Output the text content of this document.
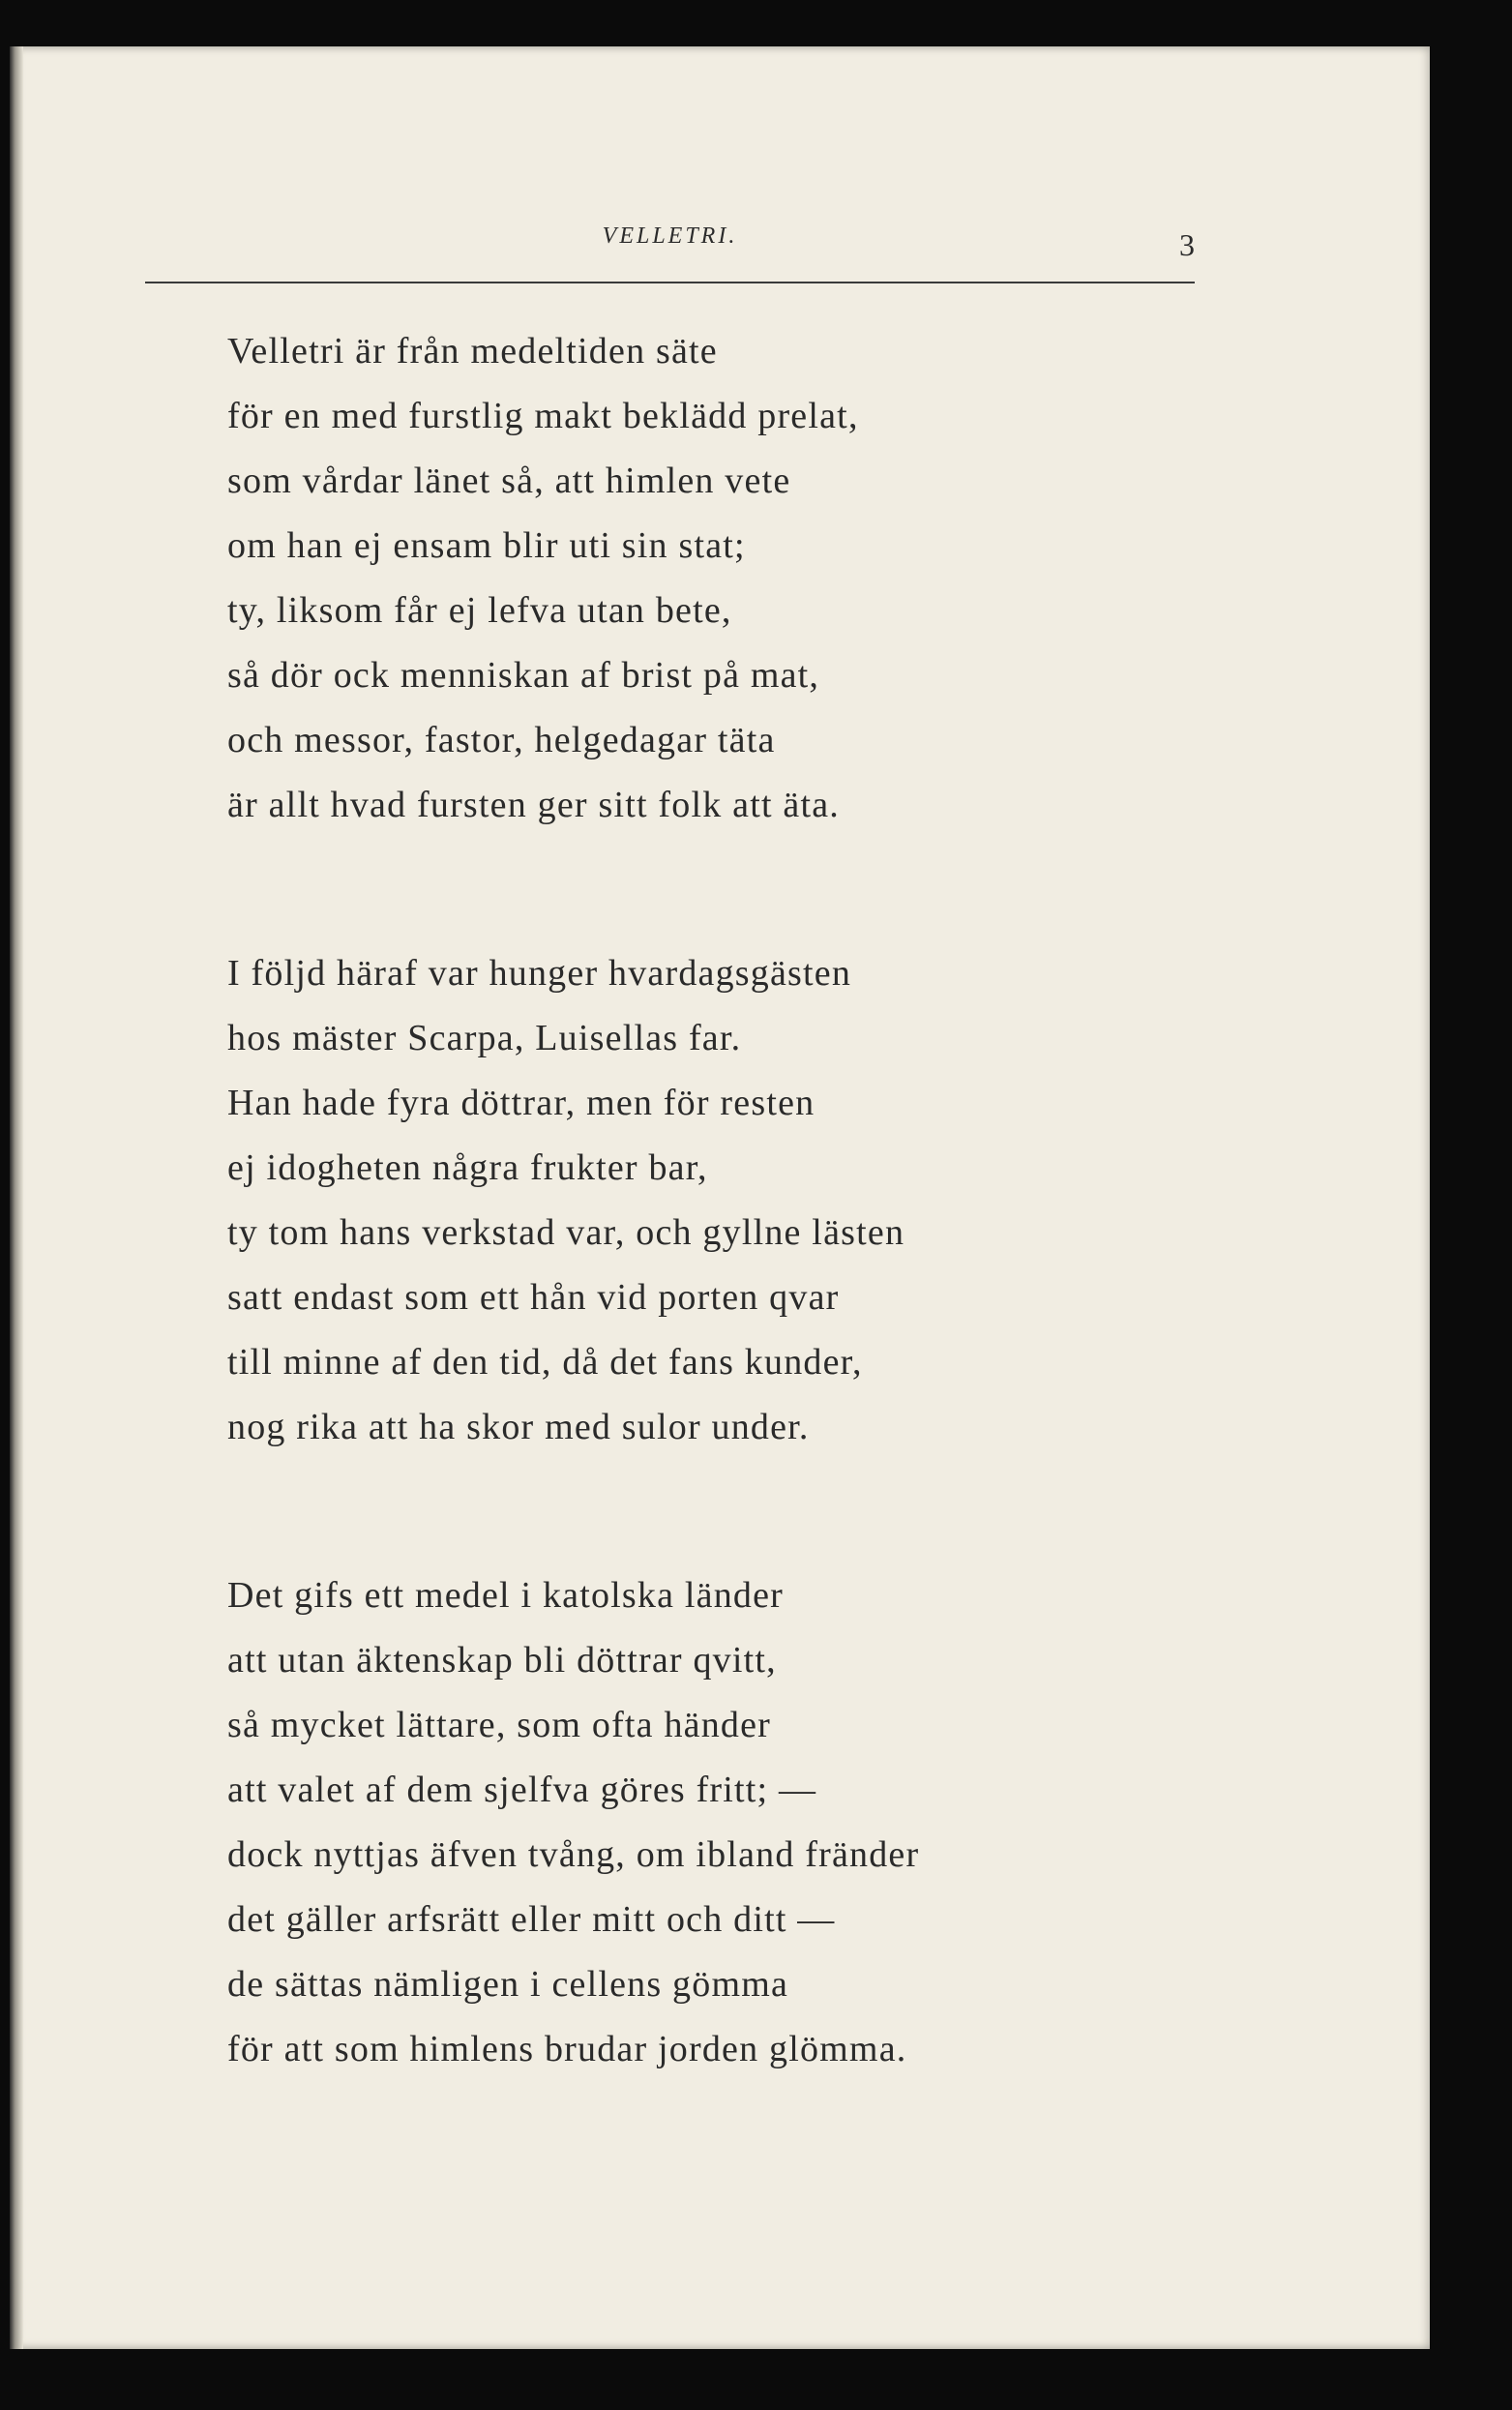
VELLETRI.	3
Velletri är från medeltiden säte
för en med furstlig makt beklädd prelat,
som vårdar länet så, att himlen vete
om han ej ensam blir uti sin stat;
ty, liksom får ej lefva utan bete,
så dör ock menniskan af brist på mat,
och messor, fastor, helgedagar täta
är allt hvad fursten ger sitt folk att äta.
I följd häraf var hunger hvardagsgästen
hos mäster Scarpa, Luisellas far.
Han hade fyra döttrar, men för resten
ej idogheten några frukter bar,
ty tom hans verkstad var, och gyllne lästen
satt endast som ett hån vid porten qvar
till minne af den tid, då det fans kunder,
nog rika att ha skor med sulor under.
Det gifs ett medel i katolska länder
att utan äktenskap bli döttrar qvitt,
så mycket lättare, som ofta händer
att valet af dem sjelfva göres fritt; —
dock nyttjas äfven tvång, om ibland fränder
det gäller arfsrätt eller mitt och ditt —
de sättas nämligen i cellens gömma
för att som himlens brudar jorden glömma.
